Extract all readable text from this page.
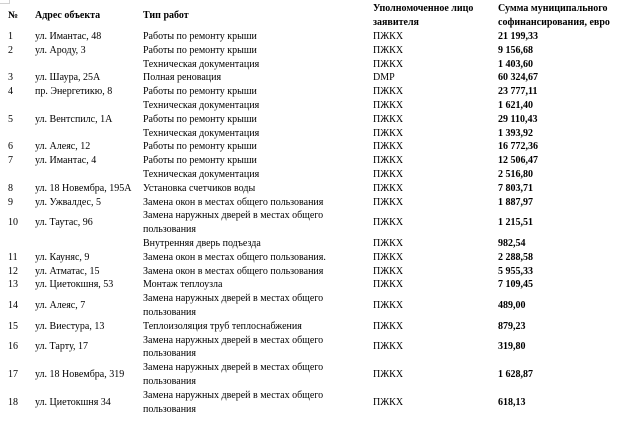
№	Адрес объекта	Тип работ	Уполномоченное лицо заявителя	Сумма муниципального софинансирования, евро
1	ул. Имантас, 48	Работы по ремонту крыши	ПЖКХ	21 199,33
2	ул. Ароду, 3	Работы по ремонту крыши	ПЖКХ	9 156,68
		Техническая документация	ПЖКХ	1 403,60
3	ул. Шаура, 25А	Полная реновация	DMP	60 324,67
4	пр. Энергетикю, 8	Работы по ремонту крыши	ПЖКХ	23 777,11
		Техническая документация	ПЖКХ	1 621,40
5	ул. Вентспилс, 1А	Работы по ремонту крыши	ПЖКХ	29 110,43
		Техническая документация	ПЖКХ	1 393,92
6	ул. Алеяс, 12	Работы по ремонту крыши	ПЖКХ	16 772,36
7	ул. Имантас, 4	Работы по ремонту крыши	ПЖКХ	12 506,47
		Техническая документация	ПЖКХ	2 516,80
8	ул. 18 Новембра, 195А	Установка счетчиков воды	ПЖКХ	7 803,71
9	ул. Ужвалдес, 5	Замена окон в местах общего пользования	ПЖКХ	1 887,97
10	ул. Таутас, 96	Замена наружных дверей в местах общего пользования	ПЖКХ	1 215,51
		Внутренняя дверь подъезда	ПЖКХ	982,54
11	ул. Кауняс, 9	Замена окон в местах общего пользования.	ПЖКХ	2 288,58
12	ул. Атматас, 15	Замена окон в местах общего пользования	ПЖКХ	5 955,33
13	ул. Циетокшня, 53	Монтаж теплоузла	ПЖКХ	7 109,45
14	ул. Алеяс, 7	Замена наружных дверей в местах общего пользования	ПЖКХ	489,00
15	ул. Виестура, 13	Теплоизоляция труб теплоснабжения	ПЖКХ	879,23
16	ул. Тарту, 17	Замена наружных дверей в местах общего пользования	ПЖКХ	319,80
17	ул. 18 Новембра, 319	Замена наружных дверей в местах общего пользования	ПЖКХ	1 628,87
18	ул. Циетокшня 34	Замена наружных дверей в местах общего пользования	ПЖКХ	618,13
